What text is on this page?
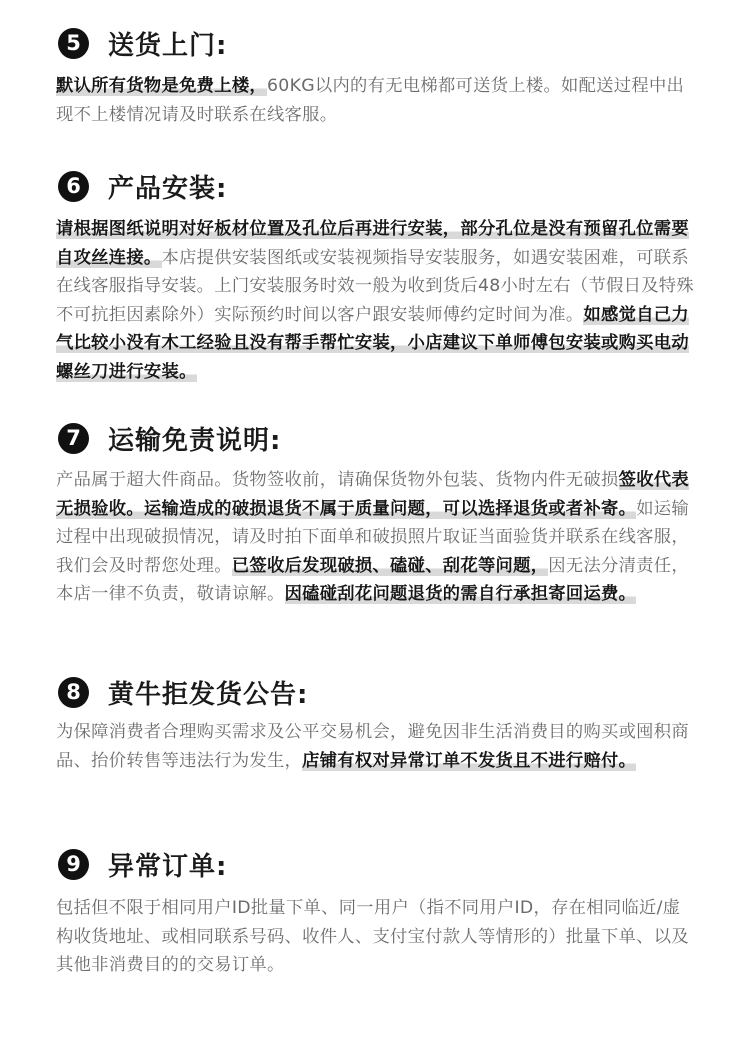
5	送货上门:

默认所有货物是免费上楼，60KG以内的有无电梯都可送货上楼。如配送过程中出现不上楼情况请及时联系在线客服。

6	产品安装:

请根据图纸说明对好板材位置及孔位后再进行安装，部分孔位是没有预留孔位需要自攻丝连接。本店提供安装图纸或安装视频指导安装服务，如遇安装困难，可联系在线客服指导安装。上门安装服务时效一般为收到货后48小时左右（节假日及特殊不可抗拒因素除外）实际预约时间以客户跟安装师傅约定时间为准。如感觉自己力气比较小没有木工经验且没有帮手帮忙安装，小店建议下单师傅包安装或购买电动螺丝刀进行安装。

7	运输免责说明:

产品属于超大件商品。货物签收前，请确保货物外包装、货物内件无破损签收代表无损验收。运输造成的破损退货不属于质量问题，可以选择退货或者补寄。如运输过程中出现破损情况，请及时拍下面单和破损照片取证当面验货并联系在线客服，我们会及时帮您处理。已签收后发现破损、磕碰、刮花等问题，因无法分清责任，本店一律不负责，敬请谅解。因磕碰刮花问题退货的需自行承担寄回运费。

8	黄牛拒发货公告:

为保障消费者合理购买需求及公平交易机会，避免因非生活消费目的购买或囤积商品、抬价转售等违法行为发生，店铺有权对异常订单不发货且不进行赔付。

9	异常订单:

包括但不限于相同用户ID批量下单、同一用户（指不同用户ID，存在相同临近/虚构收货地址、或相同联系号码、收件人、支付宝付款人等情形的）批量下单、以及其他非消费目的的交易订单。
